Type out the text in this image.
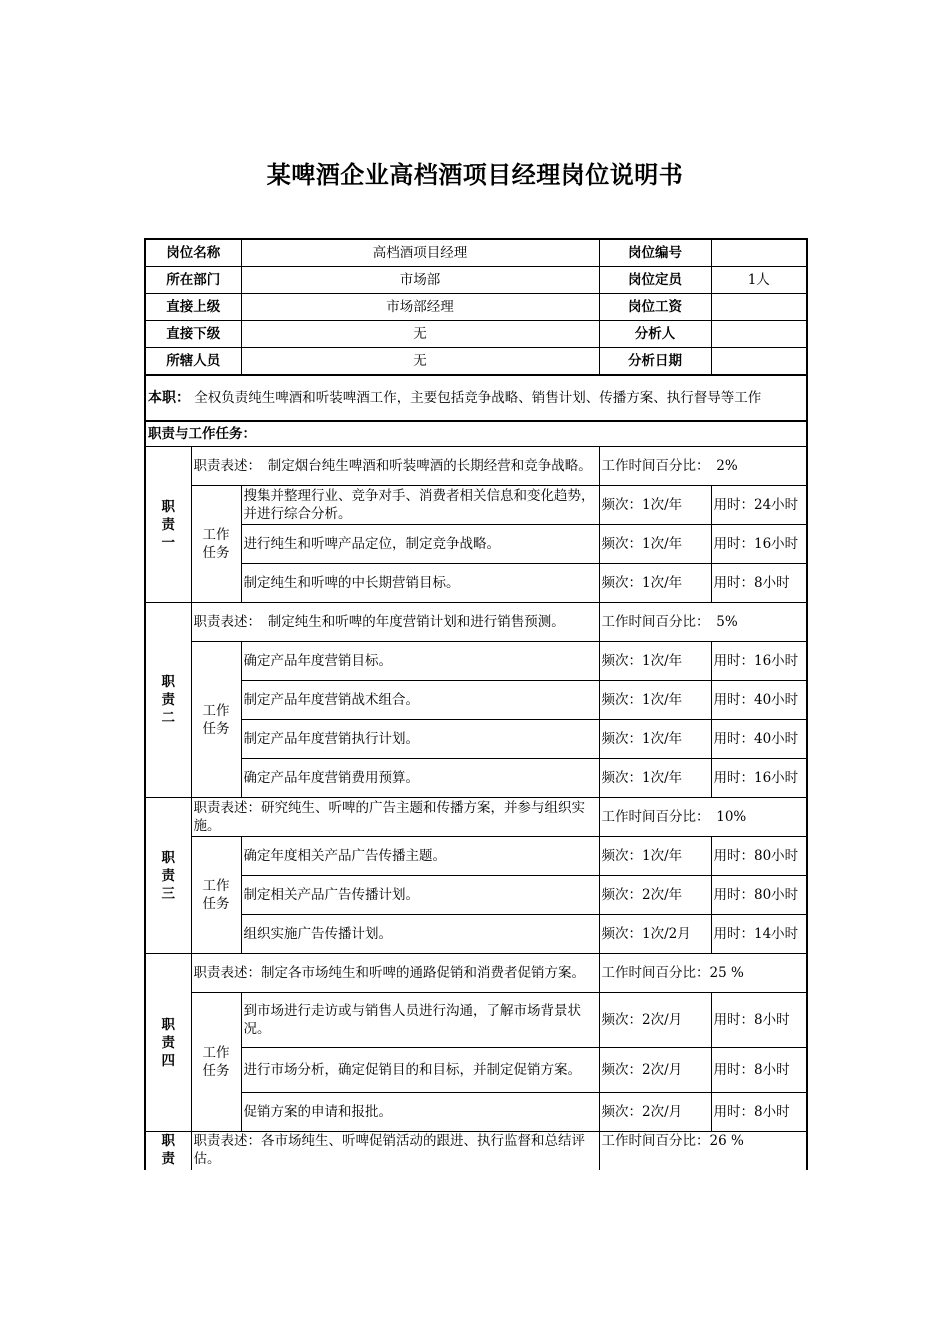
某啤酒企业高档酒项目经理岗位说明书
岗位名称		高档酒项目经理	岗位编号	
所在部门		市场部	岗位定员	1人
直接上级		市场部经理	岗位工资	
直接下级		无	分析人	
所辖人员		无	分析日期	
本职： 全权负责纯生啤酒和听装啤酒工作，主要包括竞争战略、销售计划、传播方案、执行督导等工作				
职责与工作任务：				
职责一	职责表述：　制定烟台纯生啤酒和听装啤酒的长期经营和竞争战略。		工作时间百分比：　2%	
	工作任务	搜集并整理行业、竞争对手、消费者相关信息和变化趋势，并进行综合分析。	频次：1次/年	用时：24小时
		进行纯生和听啤产品定位，制定竞争战略。	频次：1次/年	用时：16小时
		制定纯生和听啤的中长期营销目标。	频次：1次/年	用时：8小时
职责二	职责表述：　制定纯生和听啤的年度营销计划和进行销售预测。		工作时间百分比：　5%	
	工作任务	确定产品年度营销目标。	频次：1次/年	用时：16小时
		制定产品年度营销战术组合。	频次：1次/年	用时：40小时
		制定产品年度营销执行计划。	频次：1次/年	用时：40小时
		确定产品年度营销费用预算。	频次：1次/年	用时：16小时
职责三	职责表述：研究纯生、听啤的广告主题和传播方案，并参与组织实施。		工作时间百分比：　10%	
	工作任务	确定年度相关产品广告传播主题。	频次：1次/年	用时：80小时
		制定相关产品广告传播计划。	频次：2次/年	用时：80小时
		组织实施广告传播计划。	频次：1次/2月	用时：14小时
职责四	职责表述：制定各市场纯生和听啤的通路促销和消费者促销方案。		工作时间百分比：25 %	
	工作任务	到市场进行走访或与销售人员进行沟通，了解市场背景状况。	频次：2次/月	用时：8小时
		进行市场分析，确定促销目的和目标，并制定促销方案。	频次：2次/月	用时：8小时
		促销方案的申请和报批。	频次：2次/月	用时：8小时
职责	职责表述：各市场纯生、听啤促销活动的跟进、执行监督和总结评估。		工作时间百分比：26 %	
